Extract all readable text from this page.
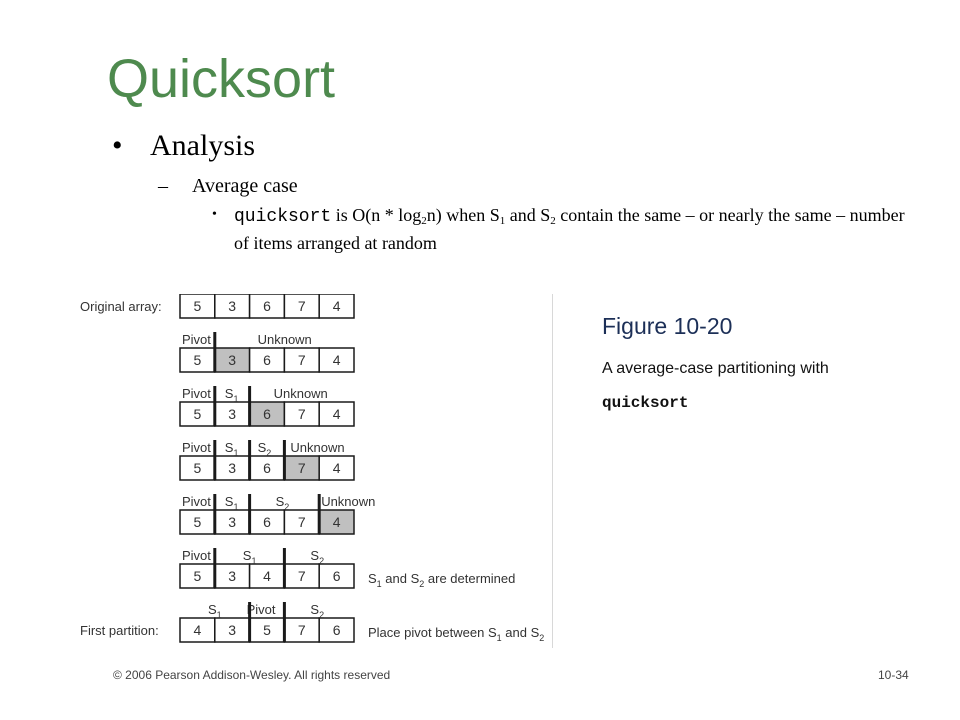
Quicksort
• Analysis
– Average case
• quicksort is $O(n * \log_2n)$ when $S_1$ and $S_2$ contain the same – or nearly the same – number of items arranged at random
5 3 6 7 4
Original array:
5 3 6 7 4
5 3 6 7 4
5 3 6 7 4
5 3 6 7 4
5 3 4 7 6 $S_1$ and $S_2$ are determined
4 3 5 7 6
First partition:	Place pivot between $S_1$ and $S_2$
Pivot	Unknown
Pivot $S_1$	Unknown
Pivot $S_1$ $S_2$ Unknown
Pivot $S_1$	$S_2$ Unknown
Pivot $S_1$	$S_2$
$S_1$ Pivot	$S_2$
Figure 10-20
A average-case partitioning with
quicksort
© 2006 Pearson Addison-Wesley. All rights reserved	10-34
